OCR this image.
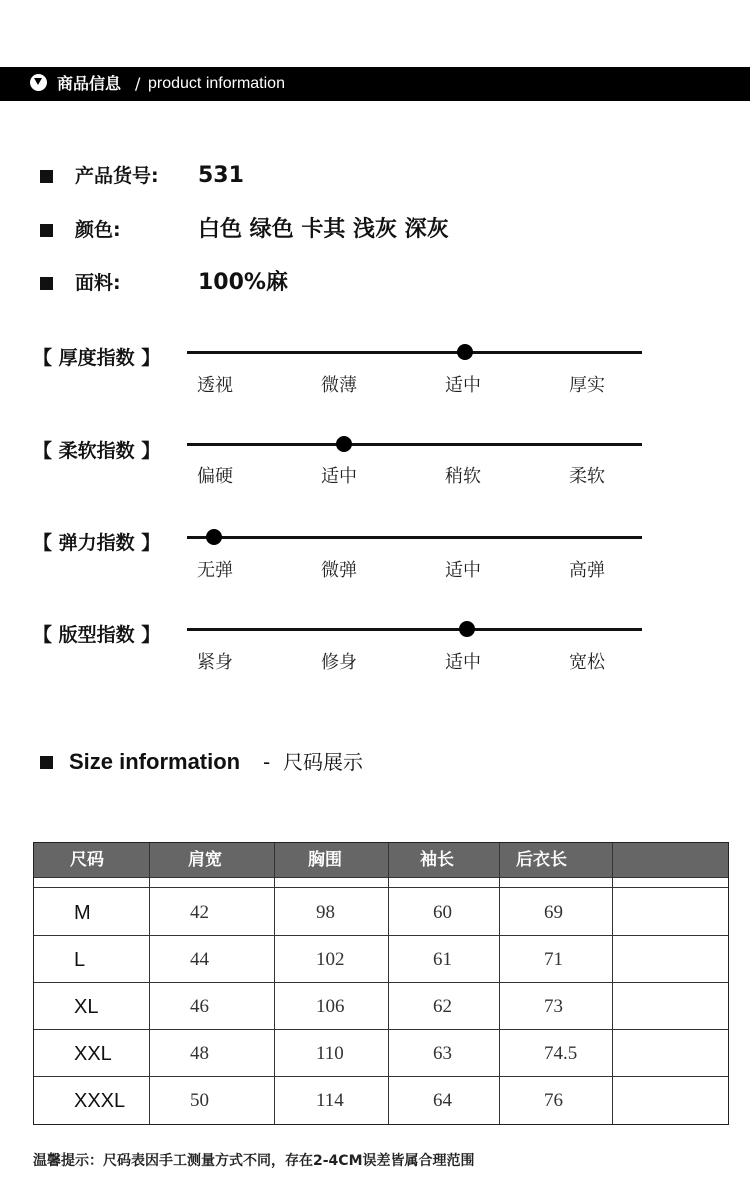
商品信息 / product information
产品货号: 531
颜色:	白色 绿色 卡其 浅灰 深灰
面料:	100%麻
【 厚度指数 】
透视	微薄	适中	厚实
【 柔软指数 】
偏硬	适中	稍软	柔软
【 弹力指数 】
无弹	微弹	适中	高弹
【 版型指数 】
紧身	修身	适中	宽松
Size information - 尺码展示
尺码	肩宽	胸围	袖长	后衣长
M	42	98	60	69
L	44	102	61	71
XL	46	106	62	73
XXL	48	110	63	74.5
XXXL	50	114	64	76
温馨提示：尺码表因手工测量方式不同，存在2-4CM误差皆属合理范围
